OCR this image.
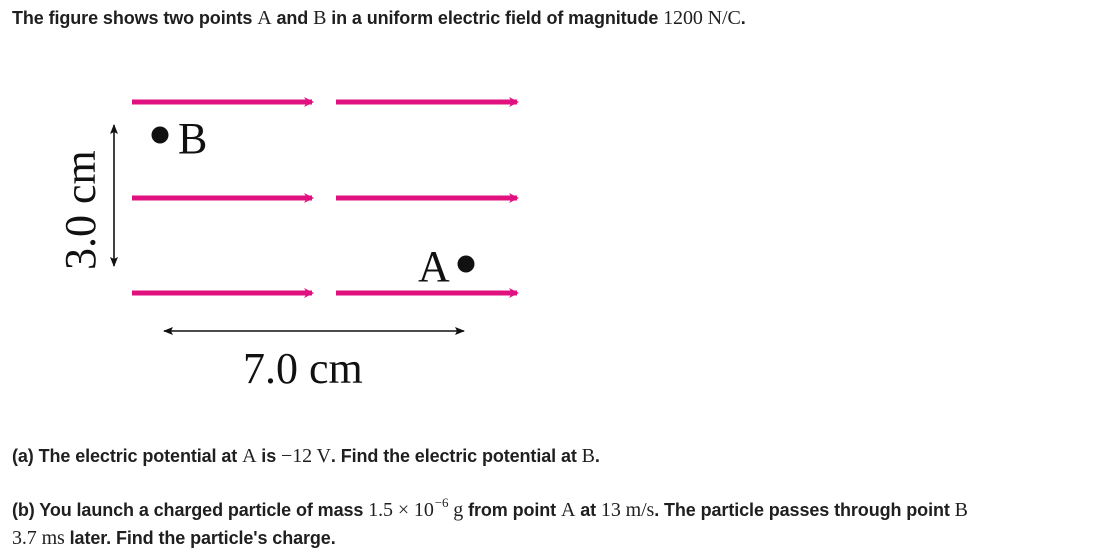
The figure shows two points A and B in a uniform electric field of magnitude 1200 N/C.
B
A
3.0 cm
7.0 cm
(a) The electric potential at A is −12 V. Find the electric potential at B.
(b) You launch a charged particle of mass $1.5 \times 10^{-6}$ g from point A at 13 m/s. The particle passes through point B
3.7 ms later. Find the particle's charge.
